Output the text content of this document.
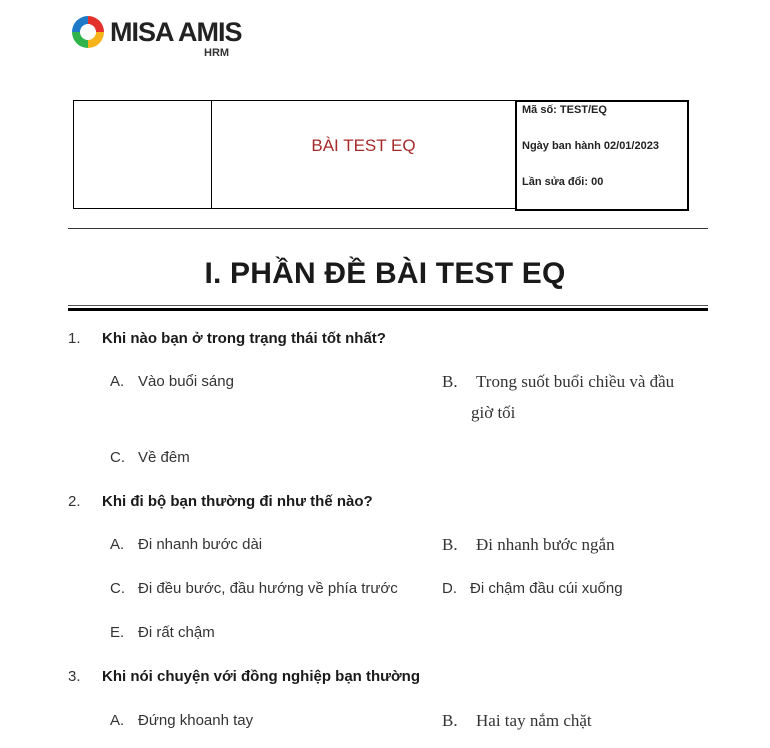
MISA AMIS
HRM
BÀI TEST EQ
Mã số: TEST/EQ
Ngày ban hành 02/01/2023
Lần sửa đổi: 00
I. PHẦN ĐỀ BÀI TEST EQ
1. Khi nào bạn ở trong trạng thái tốt nhất?
A. Vào buổi sáng	B. Trong suốt buổi chiều và đầu
giờ tối
C. Về đêm
2. Khi đi bộ bạn thường đi như thế nào?
A. Đi nhanh bước dài	B. Đi nhanh bước ngắn
C. Đi đều bước, đầu hướng về phía trước	D. Đi chậm đầu cúi xuống
E. Đi rất chậm
3. Khi nói chuyện với đồng nghiệp bạn thường
A. Đứng khoanh tay	B. Hai tay nắm chặt
